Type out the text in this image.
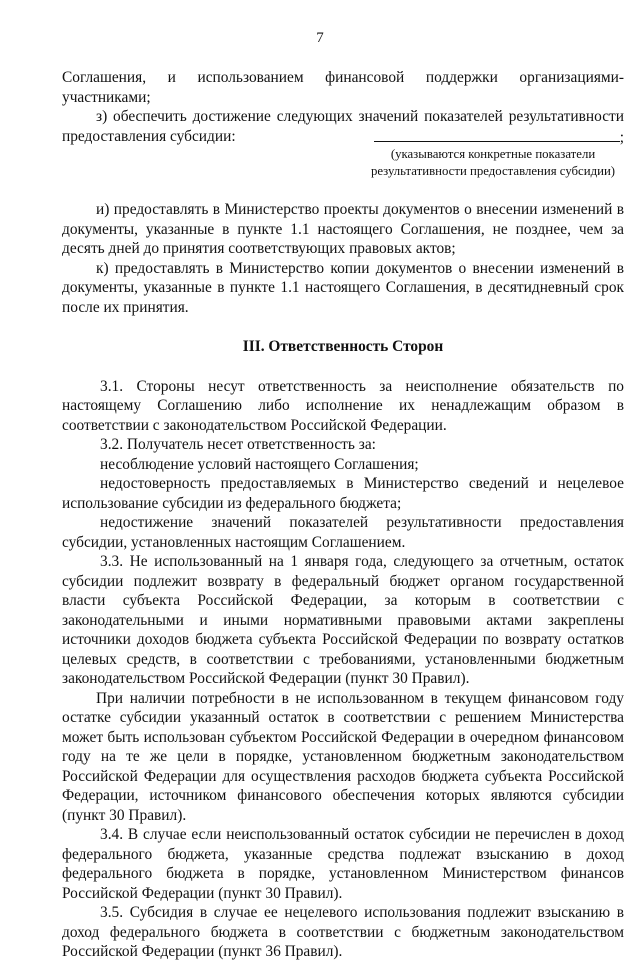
7

Соглашения, и использованием финансовой поддержки организациями-участниками;

з) обеспечить достижение следующих значений показателей результативности предоставления субсидии:	;

(указываются конкретные показатели

результативности предоставления субсидии)

и) предоставлять в Министерство проекты документов о внесении изменений в документы, указанные в пункте 1.1 настоящего Соглашения, не позднее, чем за десять дней до принятия соответствующих правовых актов;

к) предоставлять в Министерство копии документов о внесении изменений в документы, указанные в пункте 1.1 настоящего Соглашения, в десятидневный срок после их принятия.

III. Ответственность Сторон

3.1. Стороны несут ответственность за неисполнение обязательств по настоящему Соглашению либо исполнение их ненадлежащим образом в соответствии с законодательством Российской Федерации.

3.2. Получатель несет ответственность за:

несоблюдение условий настоящего Соглашения;

недостоверность предоставляемых в Министерство сведений и нецелевое использование субсидии из федерального бюджета;

недостижение значений показателей результативности предоставления субсидии, установленных настоящим Соглашением.

3.3. Не использованный на 1 января года, следующего за отчетным, остаток субсидии подлежит возврату в федеральный бюджет органом государственной власти субъекта Российской Федерации, за которым в соответствии с законодательными и иными нормативными правовыми актами закреплены источники доходов бюджета субъекта Российской Федерации по возврату остатков целевых средств, в соответствии с требованиями, установленными бюджетным законодательством Российской Федерации (пункт 30 Правил).

При наличии потребности в не использованном в текущем финансовом году остатке субсидии указанный остаток в соответствии с решением Министерства может быть использован субъектом Российской Федерации в очередном финансовом году на те же цели в порядке, установленном бюджетным законодательством Российской Федерации для осуществления расходов бюджета субъекта Российской Федерации, источником финансового обеспечения которых являются субсидии (пункт 30 Правил).

3.4. В случае если неиспользованный остаток субсидии не перечислен в доход федерального бюджета, указанные средства подлежат взысканию в доход федерального бюджета в порядке, установленном Министерством финансов Российской Федерации (пункт 30 Правил).

3.5. Субсидия в случае ее нецелевого использования подлежит взысканию в доход федерального бюджета в соответствии с бюджетным законодательством Российской Федерации (пункт 36 Правил).
